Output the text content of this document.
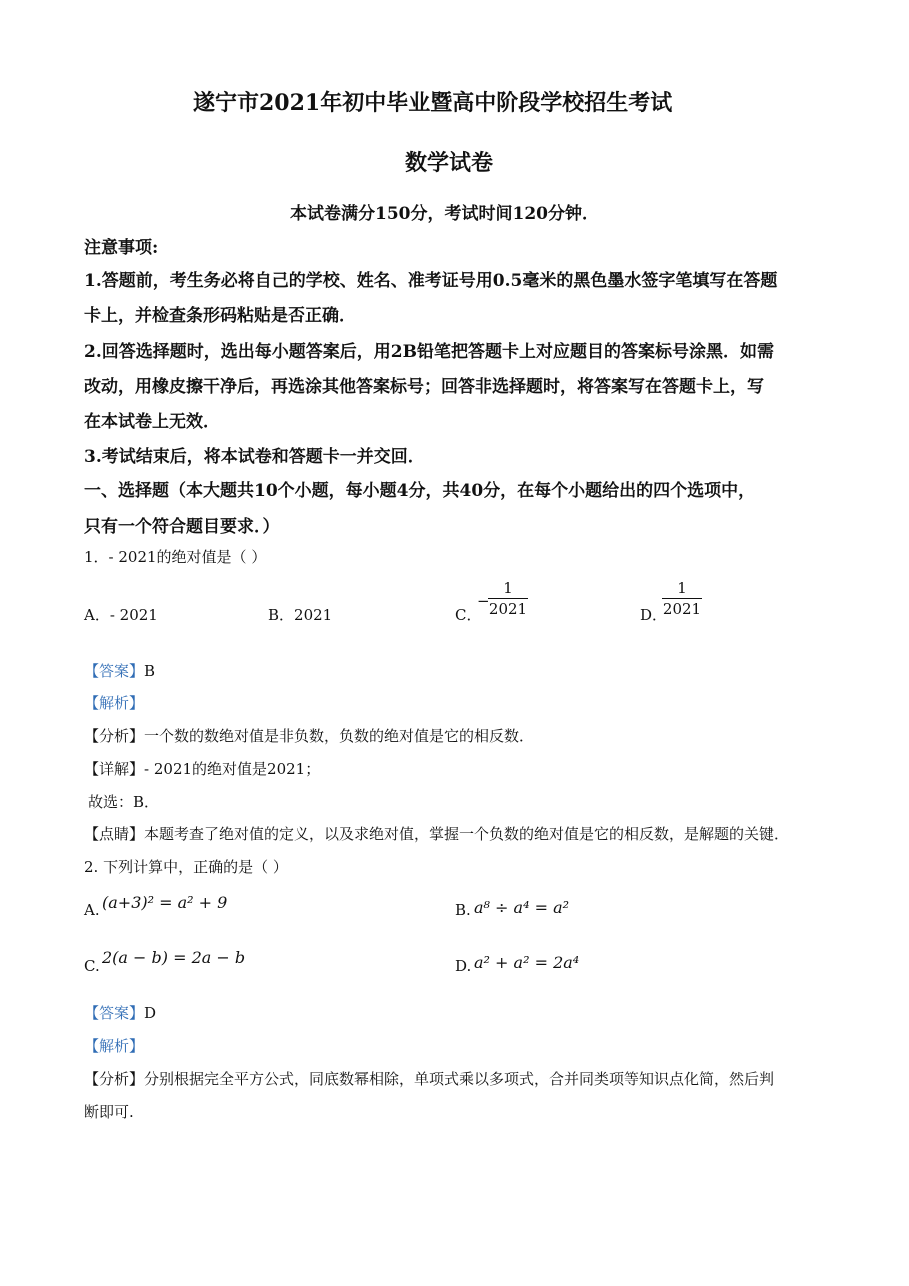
遂宁市2021年初中毕业暨高中阶段学校招生考试
数学试卷
本试卷满分150分，考试时间120分钟．
注意事项:
1.答题前，考生务必将自己的学校、姓名、准考证号用0.5毫米的黑色墨水签字笔填写在答题
卡上，并检查条形码粘贴是否正确．
2.回答选择题时，选出每小题答案后，用2B铅笔把答题卡上对应题目的答案标号涂黑．如需
改动，用橡皮擦干净后，再选涂其他答案标号；回答非选择题时，将答案写在答题卡上，写
在本试卷上无效．
3.考试结束后，将本试卷和答题卡一并交回．
一、选择题（本大题共10个小题，每小题4分，共40分，在每个小题给出的四个选项中，
只有一个符合题目要求．）
1．- 2021的绝对值是（ ）
A．- 2021	B．2021	C．
−
1
2021	D．
1
2021
【答案】B
【解析】
【分析】一个数的数绝对值是非负数，负数的绝对值是它的相反数．
【详解】- 2021的绝对值是2021；
故选：B．
【点睛】本题考查了绝对值的定义，以及求绝对值，掌握一个负数的绝对值是它的相反数，是解题的关键．
2. 下列计算中，正确的是（ ）
A. (a+3)² = a² + 9	B. a⁸ ÷ a⁴ = a²
C. 2(a − b) = 2a − b	D. a² + a² = 2a⁴
【答案】D
【解析】
【分析】分别根据完全平方公式，同底数幂相除，单项式乘以多项式，合并同类项等知识点化简，然后判
断即可.
